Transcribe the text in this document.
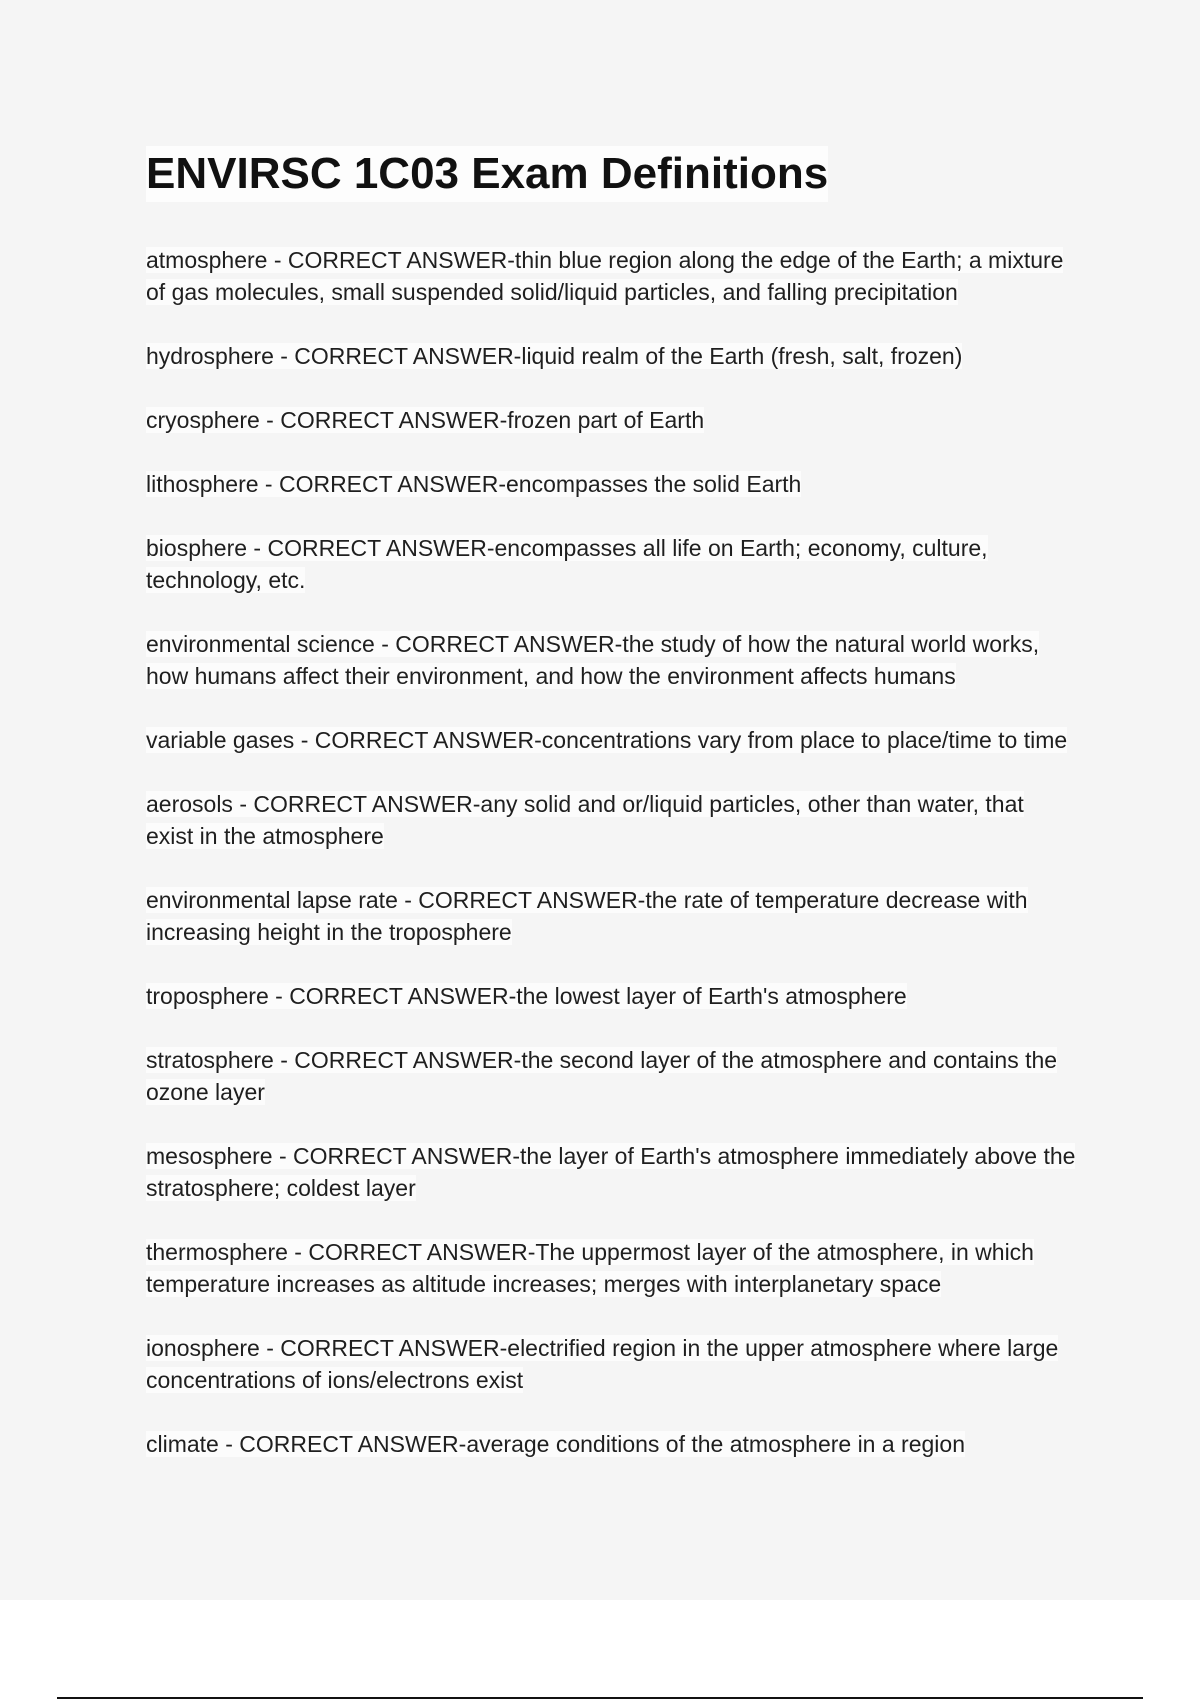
ENVIRSC 1C03 Exam Definitions

atmosphere - CORRECT ANSWER-thin blue region along the edge of the Earth; a mixture of gas molecules, small suspended solid/liquid particles, and falling precipitation

hydrosphere - CORRECT ANSWER-liquid realm of the Earth (fresh, salt, frozen)

cryosphere - CORRECT ANSWER-frozen part of Earth

lithosphere - CORRECT ANSWER-encompasses the solid Earth

biosphere - CORRECT ANSWER-encompasses all life on Earth; economy, culture, technology, etc.

environmental science - CORRECT ANSWER-the study of how the natural world works, how humans affect their environment, and how the environment affects humans

variable gases - CORRECT ANSWER-concentrations vary from place to place/time to time

aerosols - CORRECT ANSWER-any solid and or/liquid particles, other than water, that exist in the atmosphere

environmental lapse rate - CORRECT ANSWER-the rate of temperature decrease with increasing height in the troposphere

troposphere - CORRECT ANSWER-the lowest layer of Earth's atmosphere

stratosphere - CORRECT ANSWER-the second layer of the atmosphere and contains the ozone layer

mesosphere - CORRECT ANSWER-the layer of Earth's atmosphere immediately above the stratosphere; coldest layer

thermosphere - CORRECT ANSWER-The uppermost layer of the atmosphere, in which temperature increases as altitude increases; merges with interplanetary space

ionosphere - CORRECT ANSWER-electrified region in the upper atmosphere where large concentrations of ions/electrons exist

climate - CORRECT ANSWER-average conditions of the atmosphere in a region
